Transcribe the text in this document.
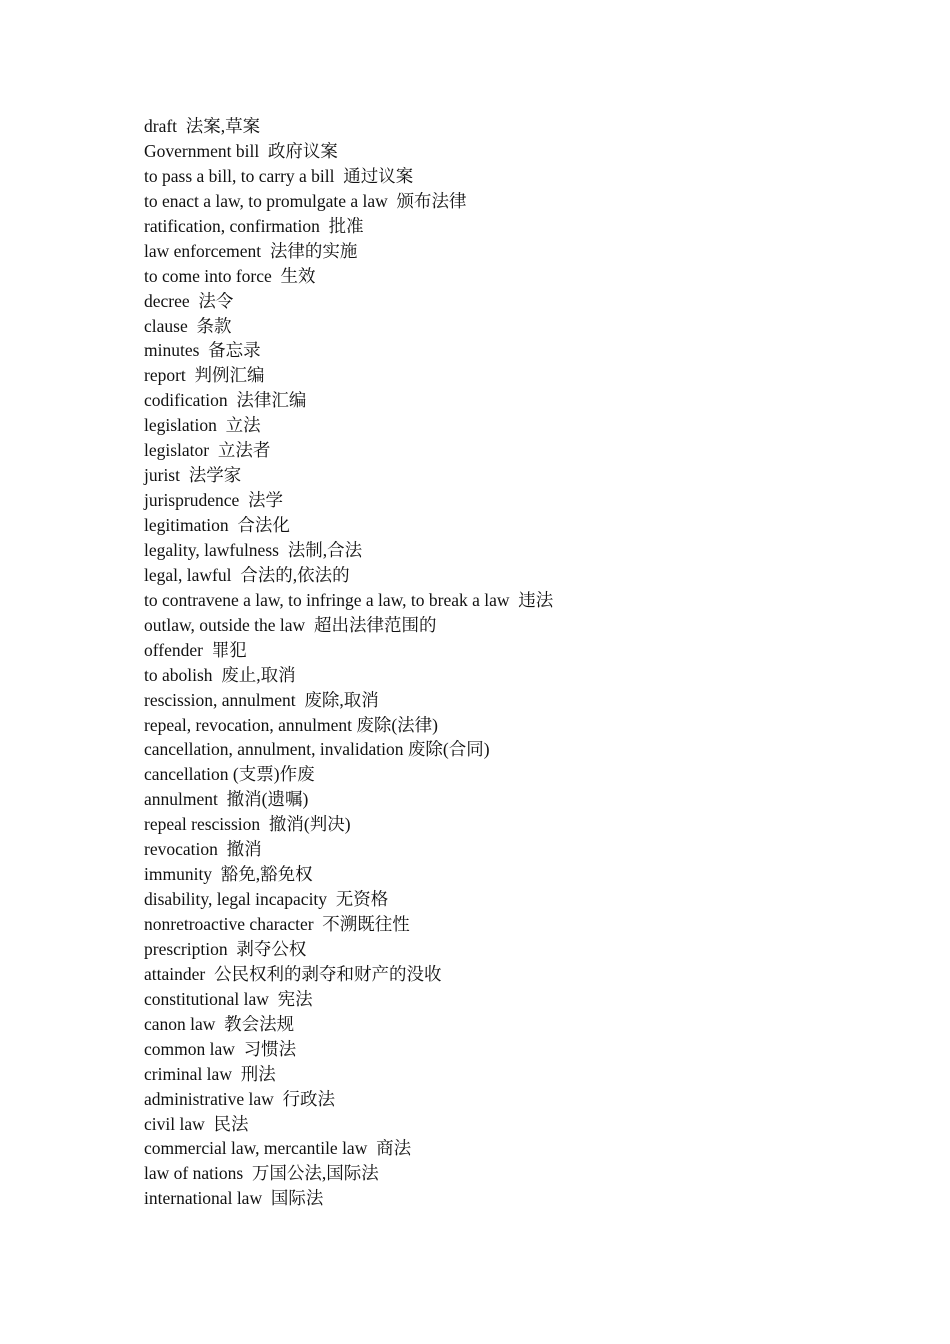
draft  法案,草案
Government bill  政府议案
to pass a bill, to carry a bill  通过议案
to enact a law, to promulgate a law  颁布法律
ratification, confirmation  批准
law enforcement  法律的实施
to come into force  生效
decree  法令
clause  条款
minutes  备忘录
report  判例汇编
codification  法律汇编
legislation  立法
legislator  立法者
jurist  法学家
jurisprudence  法学
legitimation  合法化
legality, lawfulness  法制,合法
legal, lawful  合法的,依法的
to contravene a law, to infringe a law, to break a law  违法
outlaw, outside the law  超出法律范围的
offender  罪犯
to abolish  废止,取消
rescission, annulment  废除,取消
repeal, revocation, annulment 废除(法律)
cancellation, annulment, invalidation 废除(合同)
cancellation (支票)作废
annulment  撤消(遗嘱)
repeal rescission  撤消(判决)
revocation  撤消
immunity  豁免,豁免权
disability, legal incapacity  无资格
nonretroactive character  不溯既往性
prescription  剥夺公权
attainder  公民权利的剥夺和财产的没收
constitutional law  宪法
canon law  教会法规
common law  习惯法
criminal law  刑法
administrative law  行政法
civil law  民法
commercial law, mercantile law  商法
law of nations  万国公法,国际法
international law  国际法
